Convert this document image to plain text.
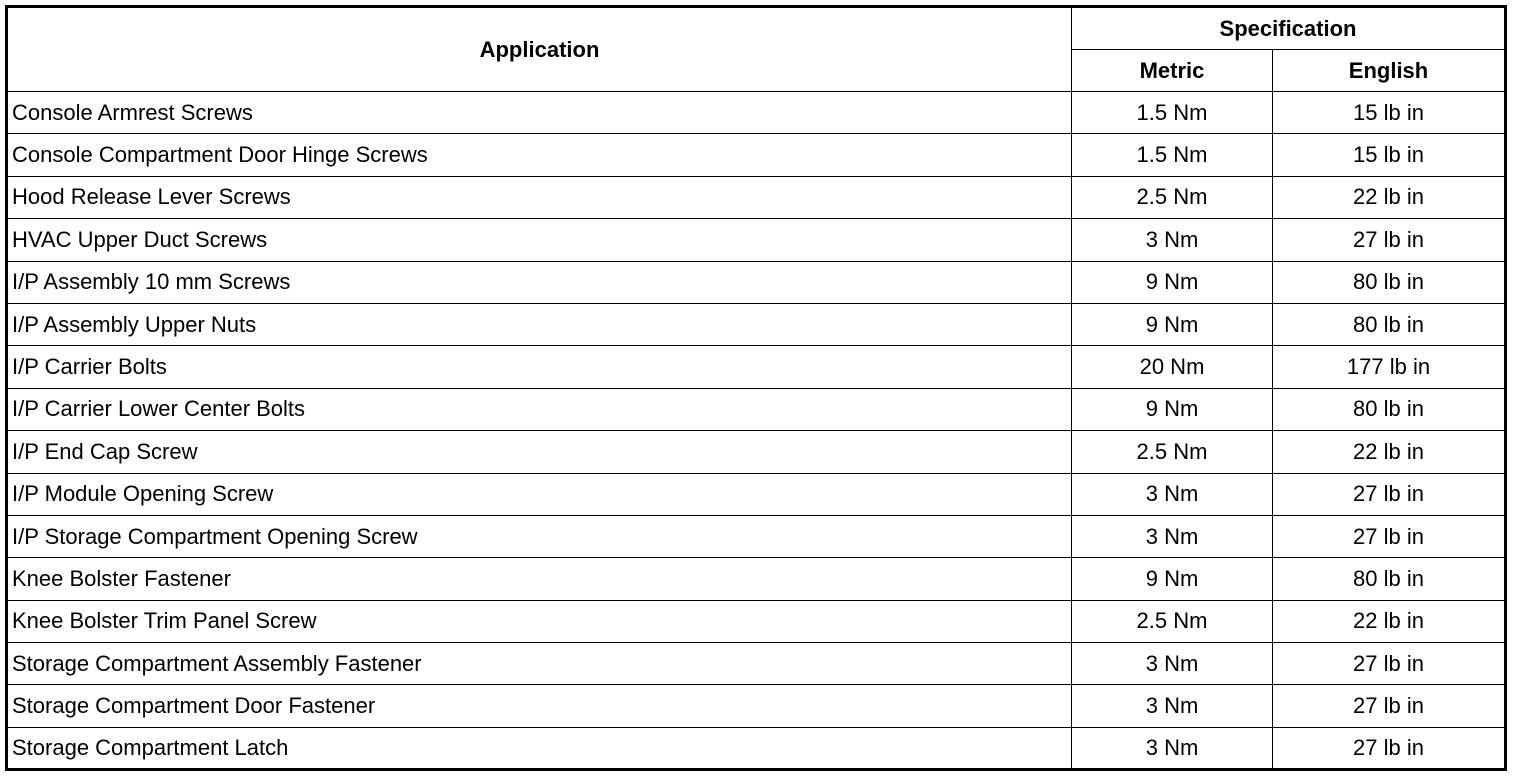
Application	Specification	
	Metric	English
Console Armrest Screws	1.5 Nm	15 lb in
Console Compartment Door Hinge Screws	1.5 Nm	15 lb in
Hood Release Lever Screws	2.5 Nm	22 lb in
HVAC Upper Duct Screws	3 Nm	27 lb in
I/P Assembly 10 mm Screws	9 Nm	80 lb in
I/P Assembly Upper Nuts	9 Nm	80 lb in
I/P Carrier Bolts	20 Nm	177 lb in
I/P Carrier Lower Center Bolts	9 Nm	80 lb in
I/P End Cap Screw	2.5 Nm	22 lb in
I/P Module Opening Screw	3 Nm	27 lb in
I/P Storage Compartment Opening Screw	3 Nm	27 lb in
Knee Bolster Fastener	9 Nm	80 lb in
Knee Bolster Trim Panel Screw	2.5 Nm	22 lb in
Storage Compartment Assembly Fastener	3 Nm	27 lb in
Storage Compartment Door Fastener	3 Nm	27 lb in
Storage Compartment Latch	3 Nm	27 lb in
